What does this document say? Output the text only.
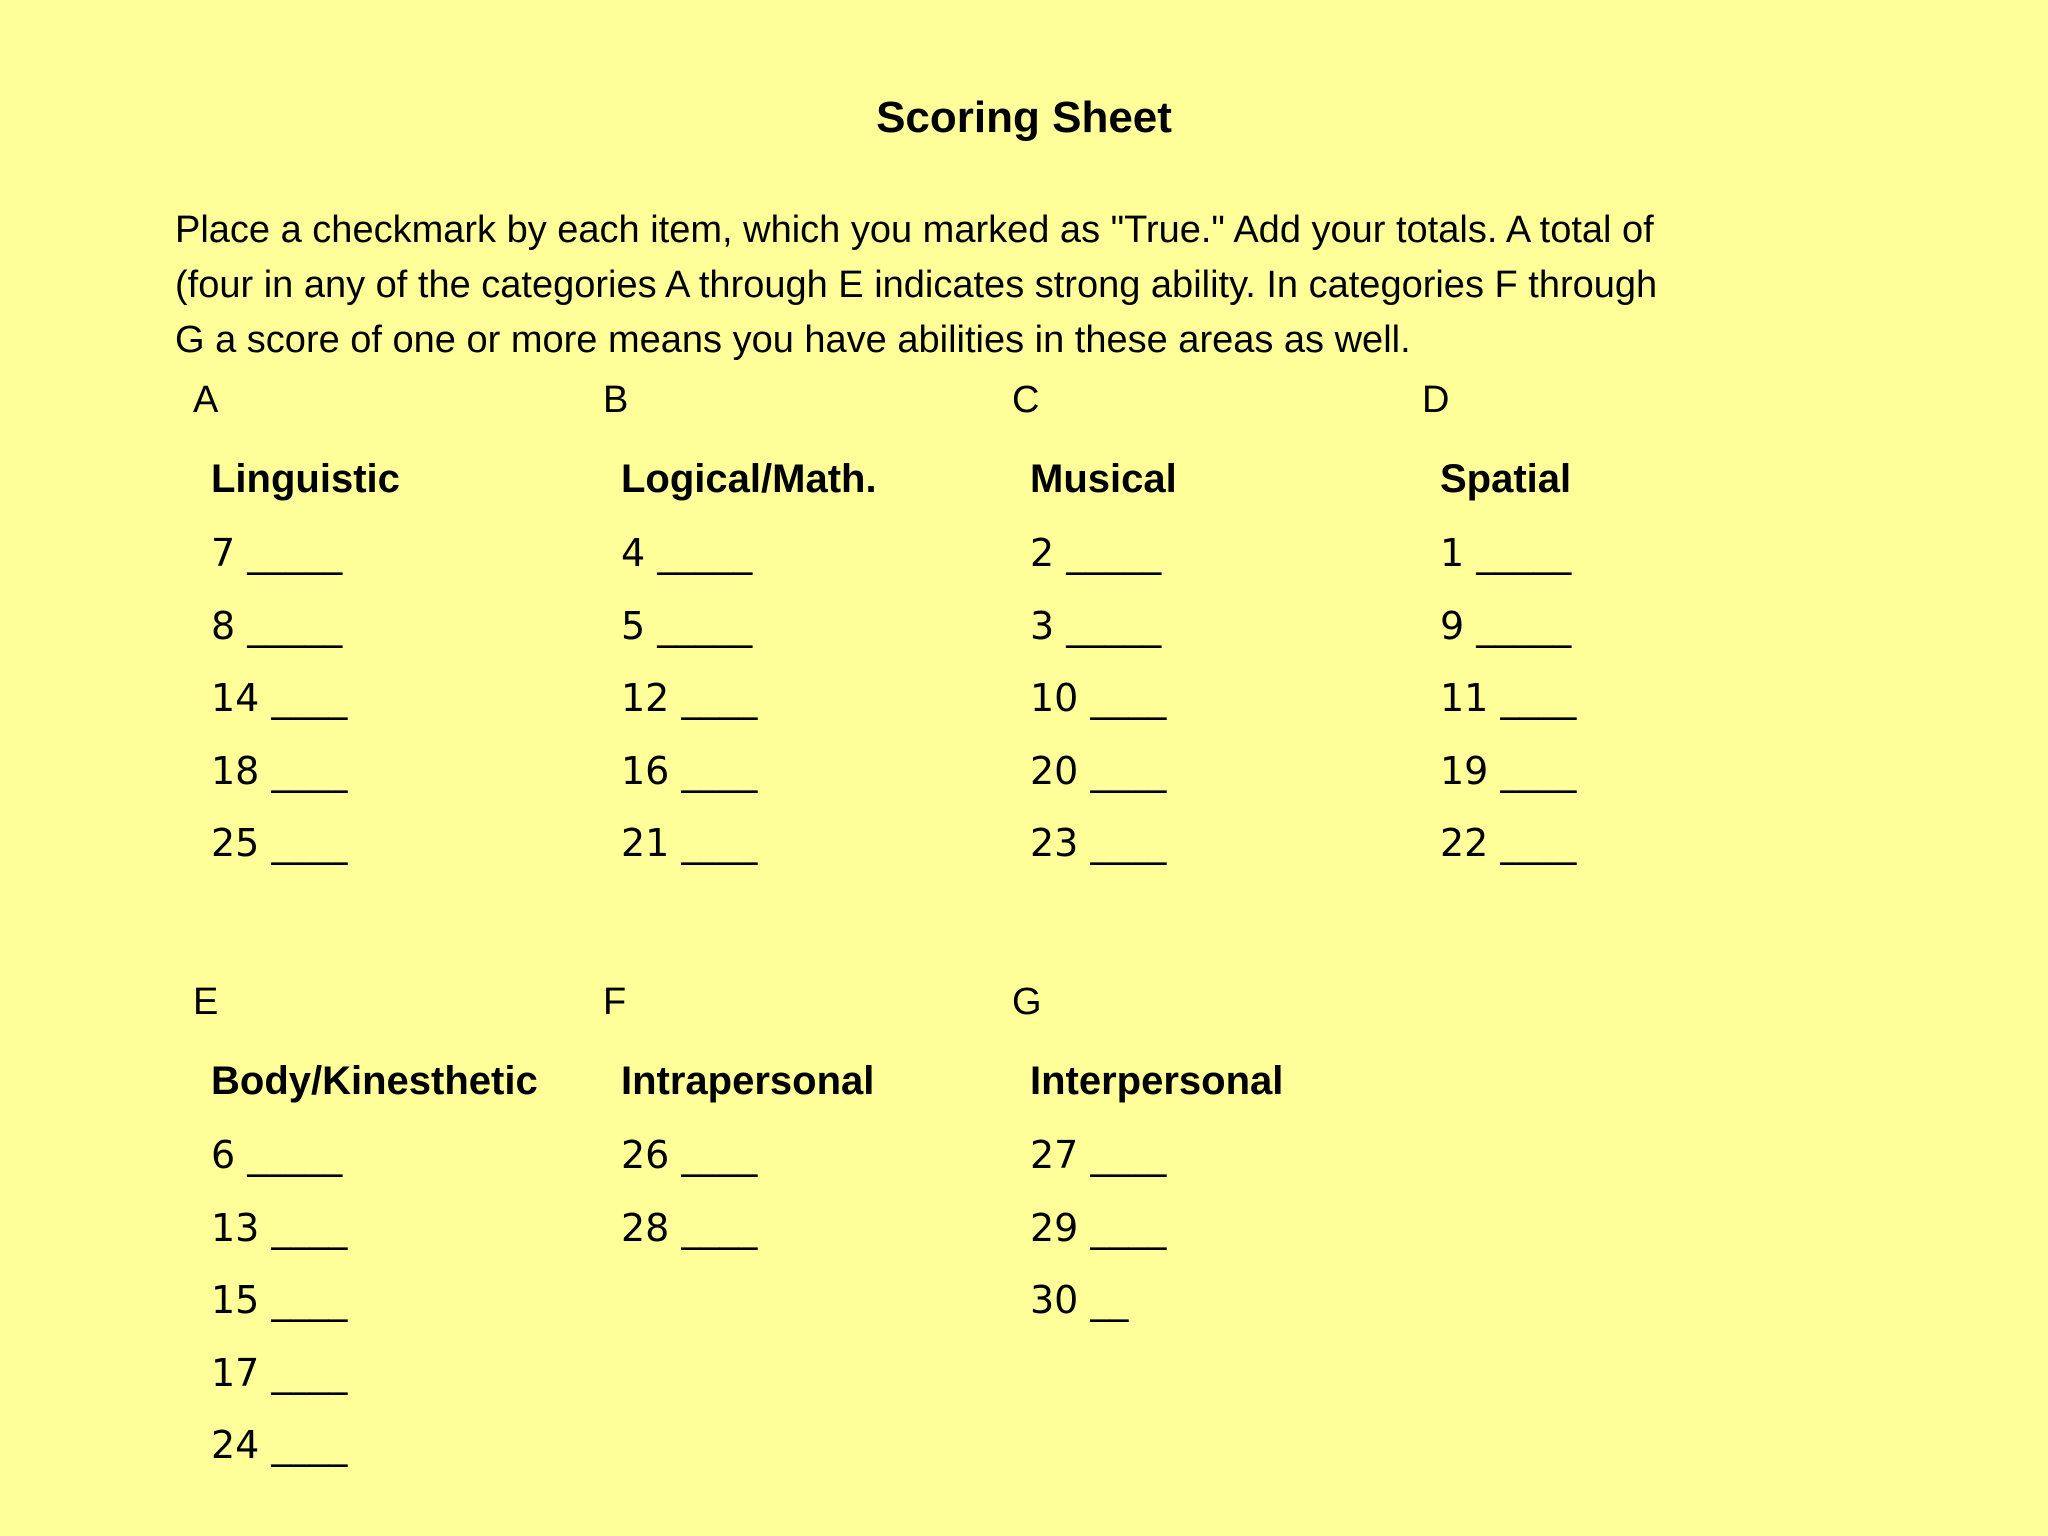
Scoring Sheet

Place a checkmark by each item, which you marked as "True." Add your totals. A total of
(four in any of the categories A through E indicates strong ability. In categories F through
G a score of one or more means you have abilities in these areas as well.

A
Linguistic
7 _____
8 _____
14 ____
18 ____
25 ____
B
Logical/Math.
4 _____
5 _____
12 ____
16 ____
21 ____
C
Musical
2 _____
3 _____
10 ____
20 ____
23 ____
D
Spatial
1 _____
9 _____
11 ____
19 ____
22 ____
E
Body/Kinesthetic
6 _____
13 ____
15 ____
17 ____
24 ____
F
Intrapersonal
26 ____
28 ____
G
Interpersonal
27 ____
29 ____
30 __
